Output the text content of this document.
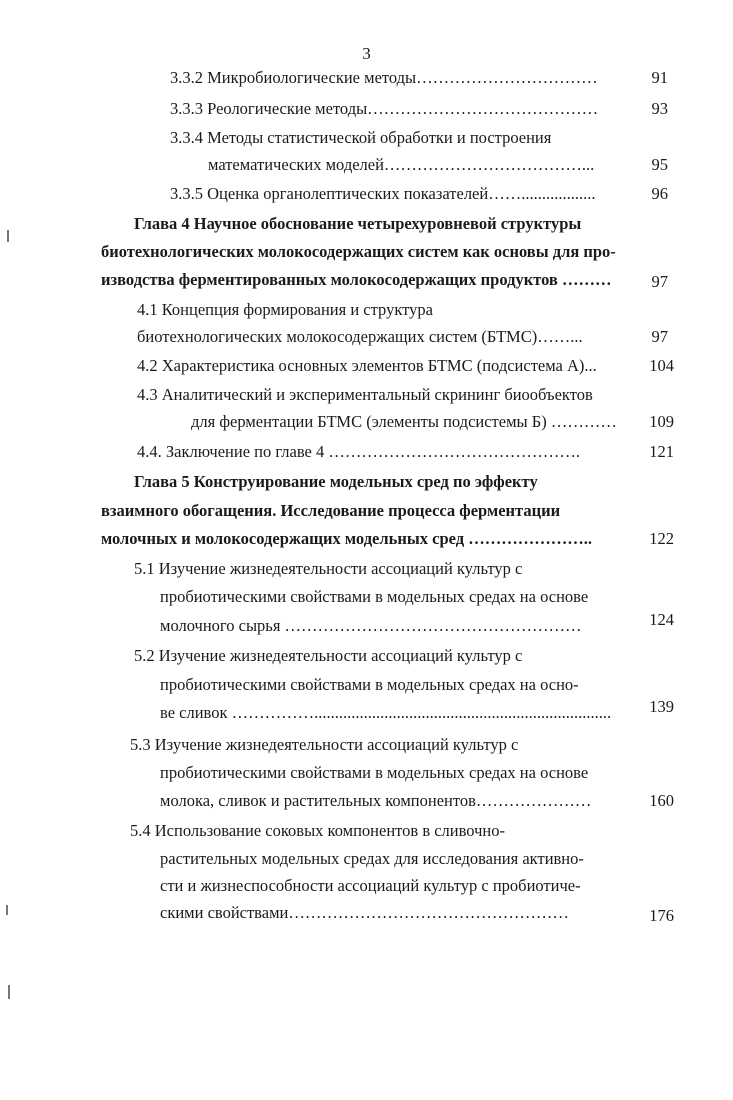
3
3.3.2 Микробиологические методы……………………………	91
3.3.3 Реологические методы……………………………………	93
3.3.4 Методы статистической обработки и построения
математических моделей………………………………...	95
3.3.5 Оценка органолептических показателей……..................	96
Глава 4 Научное обоснование четырехуровневой структуры
биотехнологических молокосодержащих систем как основы для про-
изводства ферментированных молокосодержащих продуктов ………	97
4.1 Концепция формирования и структура
биотехнологических молокосодержащих систем (БТМС)……...	97
4.2 Характеристика основных элементов БТМС (подсистема А)...	104
4.3 Аналитический и экспериментальный скрининг биообъектов
для ферментации БТМС (элементы подсистемы Б) …………	109
4.4. Заключение по главе 4 ……………………………………….	121
Глава 5 Конструирование модельных сред по эффекту
взаимного обогащения. Исследование процесса ферментации
молочных и молокосодержащих модельных сред …………………..	122
5.1 Изучение жизнедеятельности ассоциаций культур с
пробиотическими свойствами в модельных средах на основе
молочного сырья ………………………………………………	124
5.2 Изучение жизнедеятельности ассоциаций культур с
пробиотическими свойствами в модельных средах на осно-
ве сливок ……………........................................................................	139
5.3 Изучение жизнедеятельности ассоциаций культур с
пробиотическими свойствами в модельных средах на основе
молока, сливок и растительных компонентов…………………	160
5.4 Использование соковых компонентов в сливочно-
растительных модельных средах для исследования активно-
сти и жизнеспособности ассоциаций культур с пробиотиче-
скими свойствами……………………………………………	176
